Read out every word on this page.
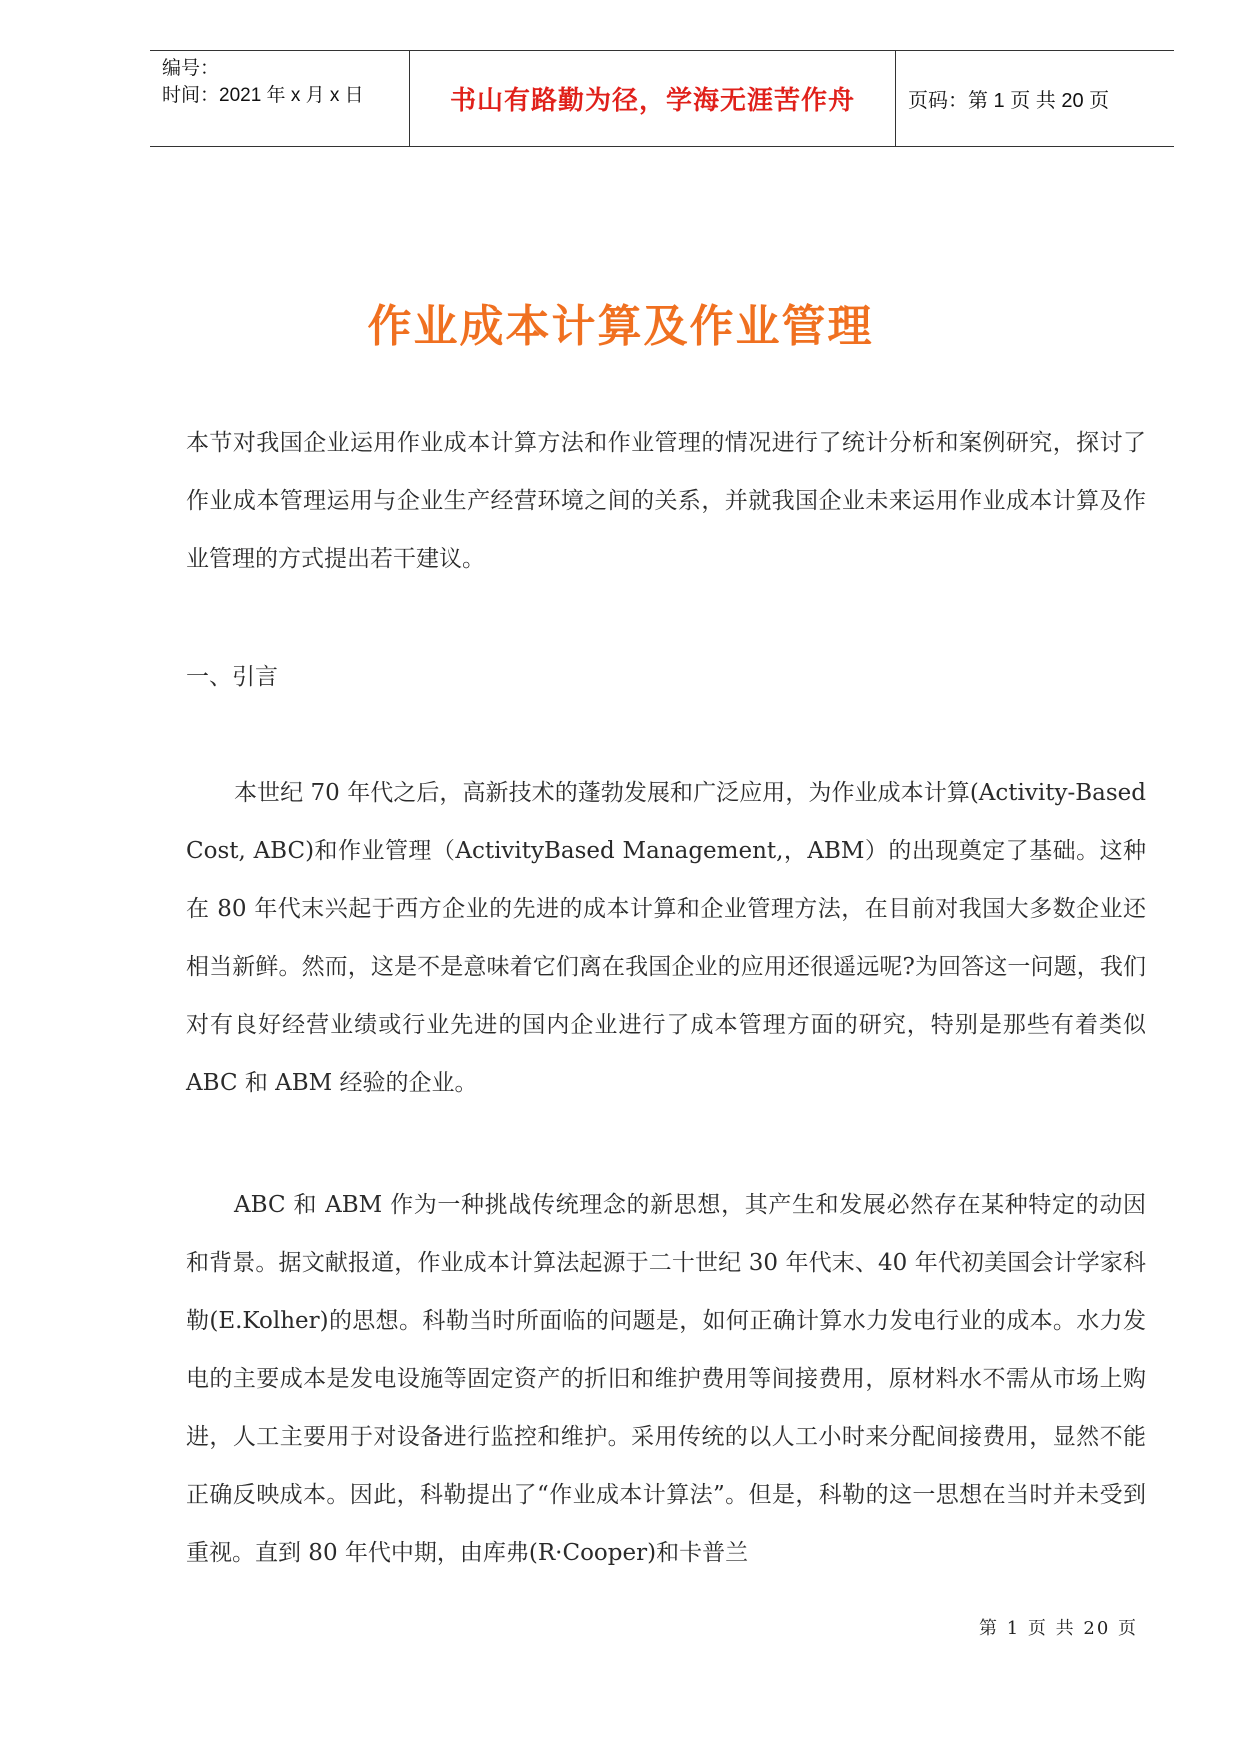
编号：
时间：2021 年 x 月 x 日	书山有路勤为径，学海无涯苦作舟	页码：第 1 页 共 20 页
作业成本计算及作业管理
本节对我国企业运用作业成本计算方法和作业管理的情况进行了统计分析和案例研究，探讨了作业成本管理运用与企业生产经营环境之间的关系，并就我国企业未来运用作业成本计算及作业管理的方式提出若干建议。
一、引言
本世纪 70 年代之后，高新技术的蓬勃发展和广泛应用，为作业成本计算(Activity-Based Cost, ABC)和作业管理（ActivityBased Management,，ABM）的出现奠定了基础。这种在 80 年代末兴起于西方企业的先进的成本计算和企业管理方法，在目前对我国大多数企业还相当新鲜。然而，这是不是意味着它们离在我国企业的应用还很遥远呢?为回答这一问题，我们对有良好经营业绩或行业先进的国内企业进行了成本管理方面的研究，特别是那些有着类似 ABC 和 ABM 经验的企业。
ABC 和 ABM 作为一种挑战传统理念的新思想，其产生和发展必然存在某种特定的动因和背景。据文献报道，作业成本计算法起源于二十世纪 30 年代末、40 年代初美国会计学家科勒(E.Kolher)的思想。科勒当时所面临的问题是，如何正确计算水力发电行业的成本。水力发电的主要成本是发电设施等固定资产的折旧和维护费用等间接费用，原材料水不需从市场上购进，人工主要用于对设备进行监控和维护。采用传统的以人工小时来分配间接费用，显然不能正确反映成本。因此，科勒提出了“作业成本计算法”。但是，科勒的这一思想在当时并未受到重视。直到 80 年代中期，由库弗(R·Cooper)和卡普兰
第 1 页 共 20 页
